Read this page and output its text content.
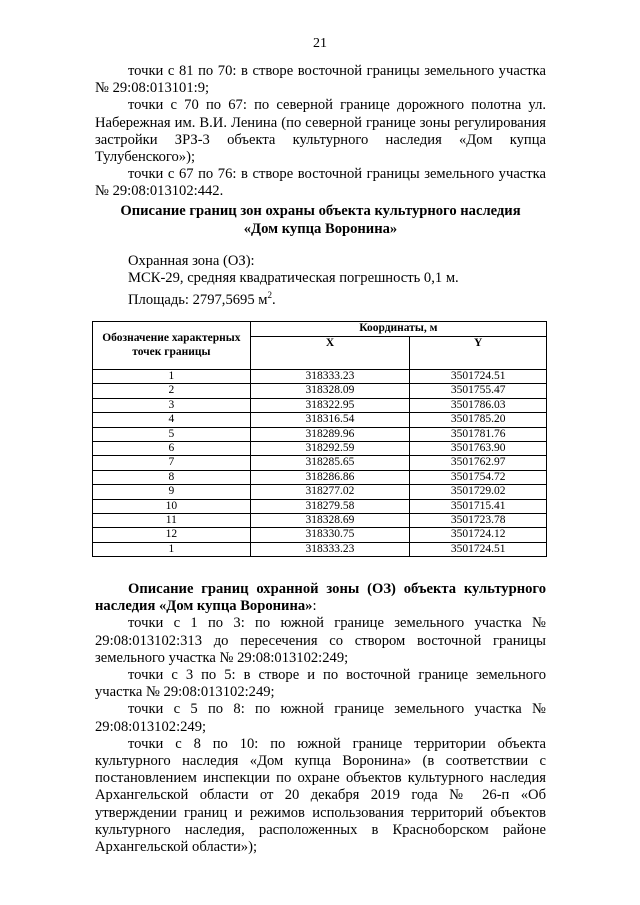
21

точки с 81 по 70: в створе восточной границы земельного участка № 29:08:013101:9;

точки с 70 по 67: по северной границе дорожного полотна ул. Набережная им. В.И. Ленина (по северной границе зоны регулирования застройки ЗРЗ-3 объекта культурного наследия «Дом купца Тулубенского»);

точки с 67 по 76: в створе восточной границы земельного участка № 29:08:013102:442.

Описание границ зон охраны объекта культурного наследия
«Дом купца Воронина»
Охранная зона (ОЗ):
МСК-29, средняя квадратическая погрешность 0,1 м.
Площадь: 2797,5695 $м^2$.
Обозначение характерных точек границы	Координаты, м	
	X	Y
1	318333.23	3501724.51
2	318328.09	3501755.47
3	318322.95	3501786.03
4	318316.54	3501785.20
5	318289.96	3501781.76
6	318292.59	3501763.90
7	318285.65	3501762.97
8	318286.86	3501754.72
9	318277.02	3501729.02
10	318279.58	3501715.41
11	318328.69	3501723.78
12	318330.75	3501724.12
1	318333.23	3501724.51

Описание границ охранной зоны (ОЗ) объекта культурного наследия «Дом купца Воронина»:

точки с 1 по 3: по южной границе земельного участка № 29:08:013102:313 до пересечения со створом восточной границы земельного участка № 29:08:013102:249;

точки с 3 по 5: в створе и по восточной границе земельного участка № 29:08:013102:249;

точки с 5 по 8: по южной границе земельного участка № 29:08:013102:249;

точки с 8 по 10: по южной границе территории объекта культурного наследия «Дом купца Воронина» (в соответствии с постановлением инспекции по охране объектов культурного наследия Архангельской области от 20 декабря 2019 года № 26-п «Об утверждении границ и режимов использования территорий объектов культурного наследия, расположенных в Красноборском районе Архангельской области»);
